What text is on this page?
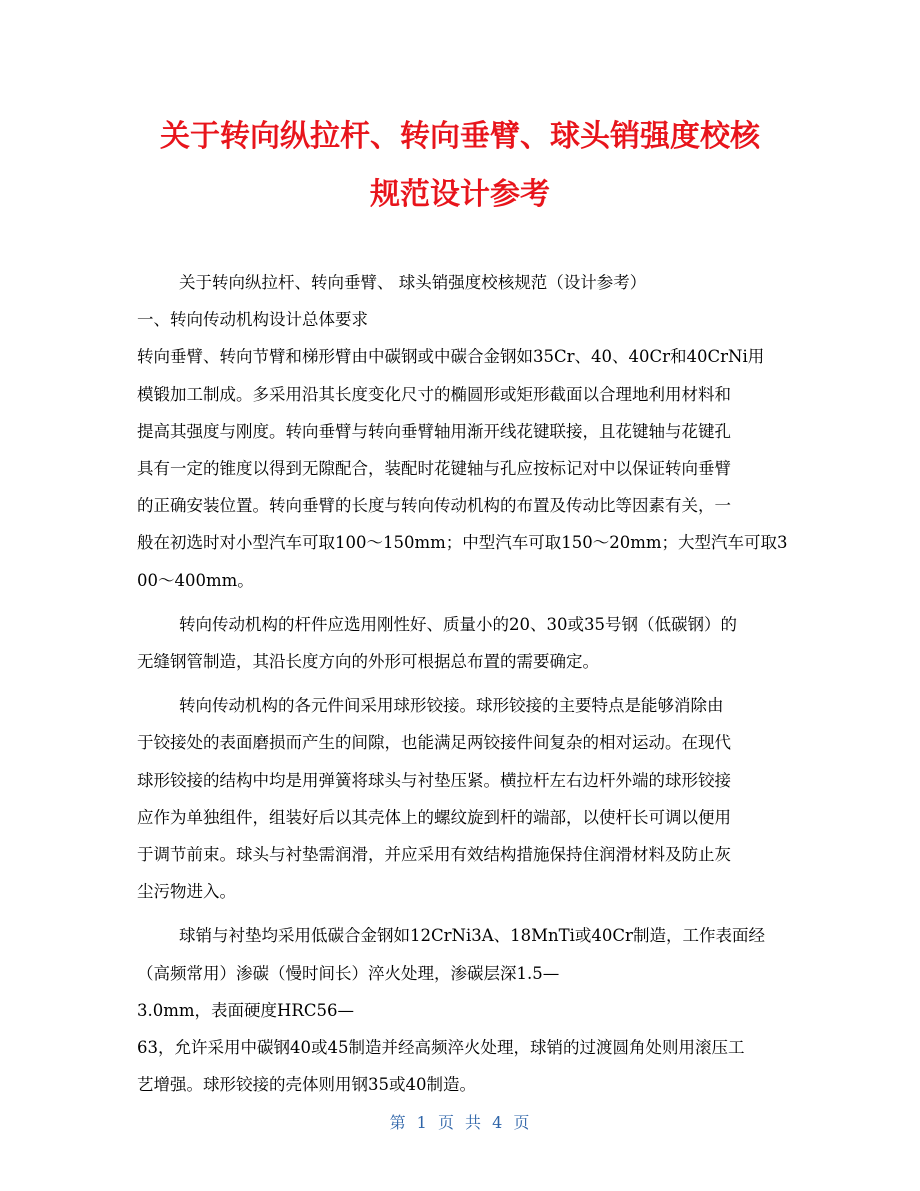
关于转向纵拉杆、转向垂臂、球头销强度校核
规范设计参考

关于转向纵拉杆、转向垂臂、 球头销强度校核规范（设计参考）

一、转向传动机构设计总体要求

转向垂臂、转向节臂和梯形臂由中碳钢或中碳合金钢如35Cr、40、40Cr和40CrNi用
模锻加工制成。多采用沿其长度变化尺寸的椭圆形或矩形截面以合理地利用材料和
提高其强度与刚度。转向垂臂与转向垂臂轴用渐开线花键联接，且花键轴与花键孔
具有一定的锥度以得到无隙配合，装配时花键轴与孔应按标记对中以保证转向垂臂
的正确安装位置。转向垂臂的长度与转向传动机构的布置及传动比等因素有关，一
般在初选时对小型汽车可取100～150mm；中型汽车可取150～20mm；大型汽车可取3
00～400mm。

转向传动机构的杆件应选用刚性好、质量小的20、30或35号钢（低碳钢）的
无缝钢管制造，其沿长度方向的外形可根据总布置的需要确定。

转向传动机构的各元件间采用球形铰接。球形铰接的主要特点是能够消除由
于铰接处的表面磨损而产生的间隙，也能满足两铰接件间复杂的相对运动。在现代
球形铰接的结构中均是用弹簧将球头与衬垫压紧。横拉杆左右边杆外端的球形铰接
应作为单独组件，组装好后以其壳体上的螺纹旋到杆的端部，以使杆长可调以便用
于调节前束。球头与衬垫需润滑，并应采用有效结构措施保持住润滑材料及防止灰
尘污物进入。

球销与衬垫均采用低碳合金钢如12CrNi3A、18MnTi或40Cr制造，工作表面经
（高频常用）渗碳（慢时间长）淬火处理，渗碳层深1.5—
3.0mm，表面硬度HRC56—
63，允许采用中碳钢40或45制造并经高频淬火处理，球销的过渡圆角处则用滚压工
艺增强。球形铰接的壳体则用钢35或40制造。

第 1 页 共 4 页
